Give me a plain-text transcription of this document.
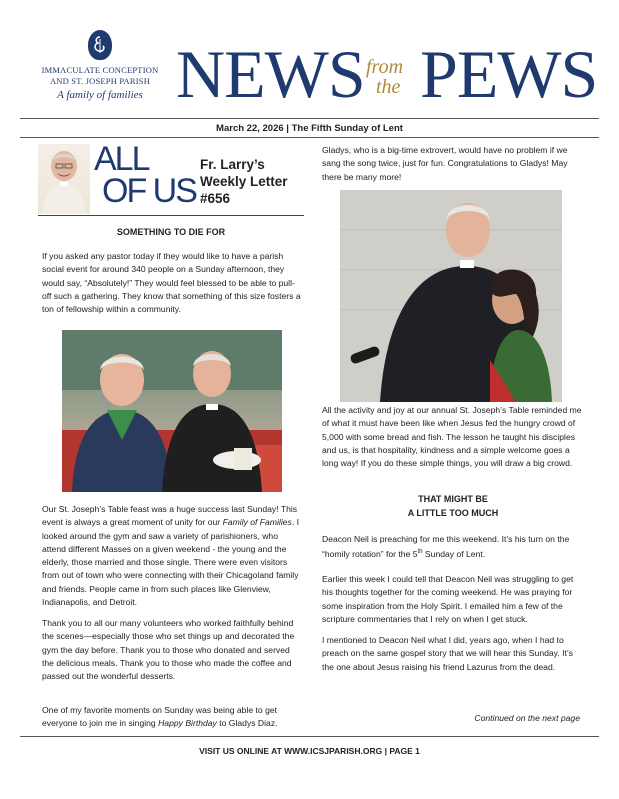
IMMACULATE CONCEPTION
AND ST. JOSEPH PARISH
A family of families NEWS from
the PEWS
March 22, 2026 | The Fifth Sunday of Lent
ALL
OF US
Fr. Larry’s
Weekly Letter
#656
SOMETHING TO DIE FOR
If you asked any pastor today if they would like to have a parish social event for around 340 people on a Sunday afternoon, they would say, “Absolutely!” They would feel blessed to be able to pull-off such a gathering. They know that something of this size fosters a ton of fellowship within a community.
Our St. Joseph’s Table feast was a huge success last Sunday! This event is always a great moment of unity for our Family of Families. I looked around the gym and saw a variety of parishioners, who attend different Masses on a given weekend - the young and the elderly, those married and those single. There were even visitors from out of town who were connecting with their Chicagoland family and friends. People came in from such places like Glenview, Indianapolis, and Detroit.
Thank you to all our many volunteers who worked faithfully behind the scenes—especially those who set things up and decorated the gym the day before. Thank you to those who donated and served the delicious meals. Thank you to those who made the coffee and passed out the wonderful desserts.
One of my favorite moments on Sunday was being able to get everyone to join me in singing Happy Birthday to Gladys Diaz.
Gladys, who is a big-time extrovert, would have no problem if we sang the song twice, just for fun. Congratulations to Gladys! May there be many more!
All the activity and joy at our annual St. Joseph’s Table reminded me of what it must have been like when Jesus fed the hungry crowd of 5,000 with some bread and fish. The lesson he taught his disciples and us, is that hospitality, kindness and a simple welcome goes a long way! If you do these simple things, you will draw a big crowd.
THAT MIGHT BE
A LITTLE TOO MUCH
Deacon Neil is preaching for me this weekend. It’s his turn on the “homily rotation” for the 5th Sunday of Lent.
Earlier this week I could tell that Deacon Neil was struggling to get his thoughts together for the coming weekend. He was praying for some inspiration from the Holy Spirit. I emailed him a few of the scripture commentaries that I rely on when I get stuck.
I mentioned to Deacon Neil what I did, years ago, when I had to preach on the same gospel story that we will hear this Sunday. It’s the one about Jesus raising his friend Lazurus from the dead.
Continued on the next page
VISIT US ONLINE AT WWW.ICSJPARISH.ORG | PAGE 1
